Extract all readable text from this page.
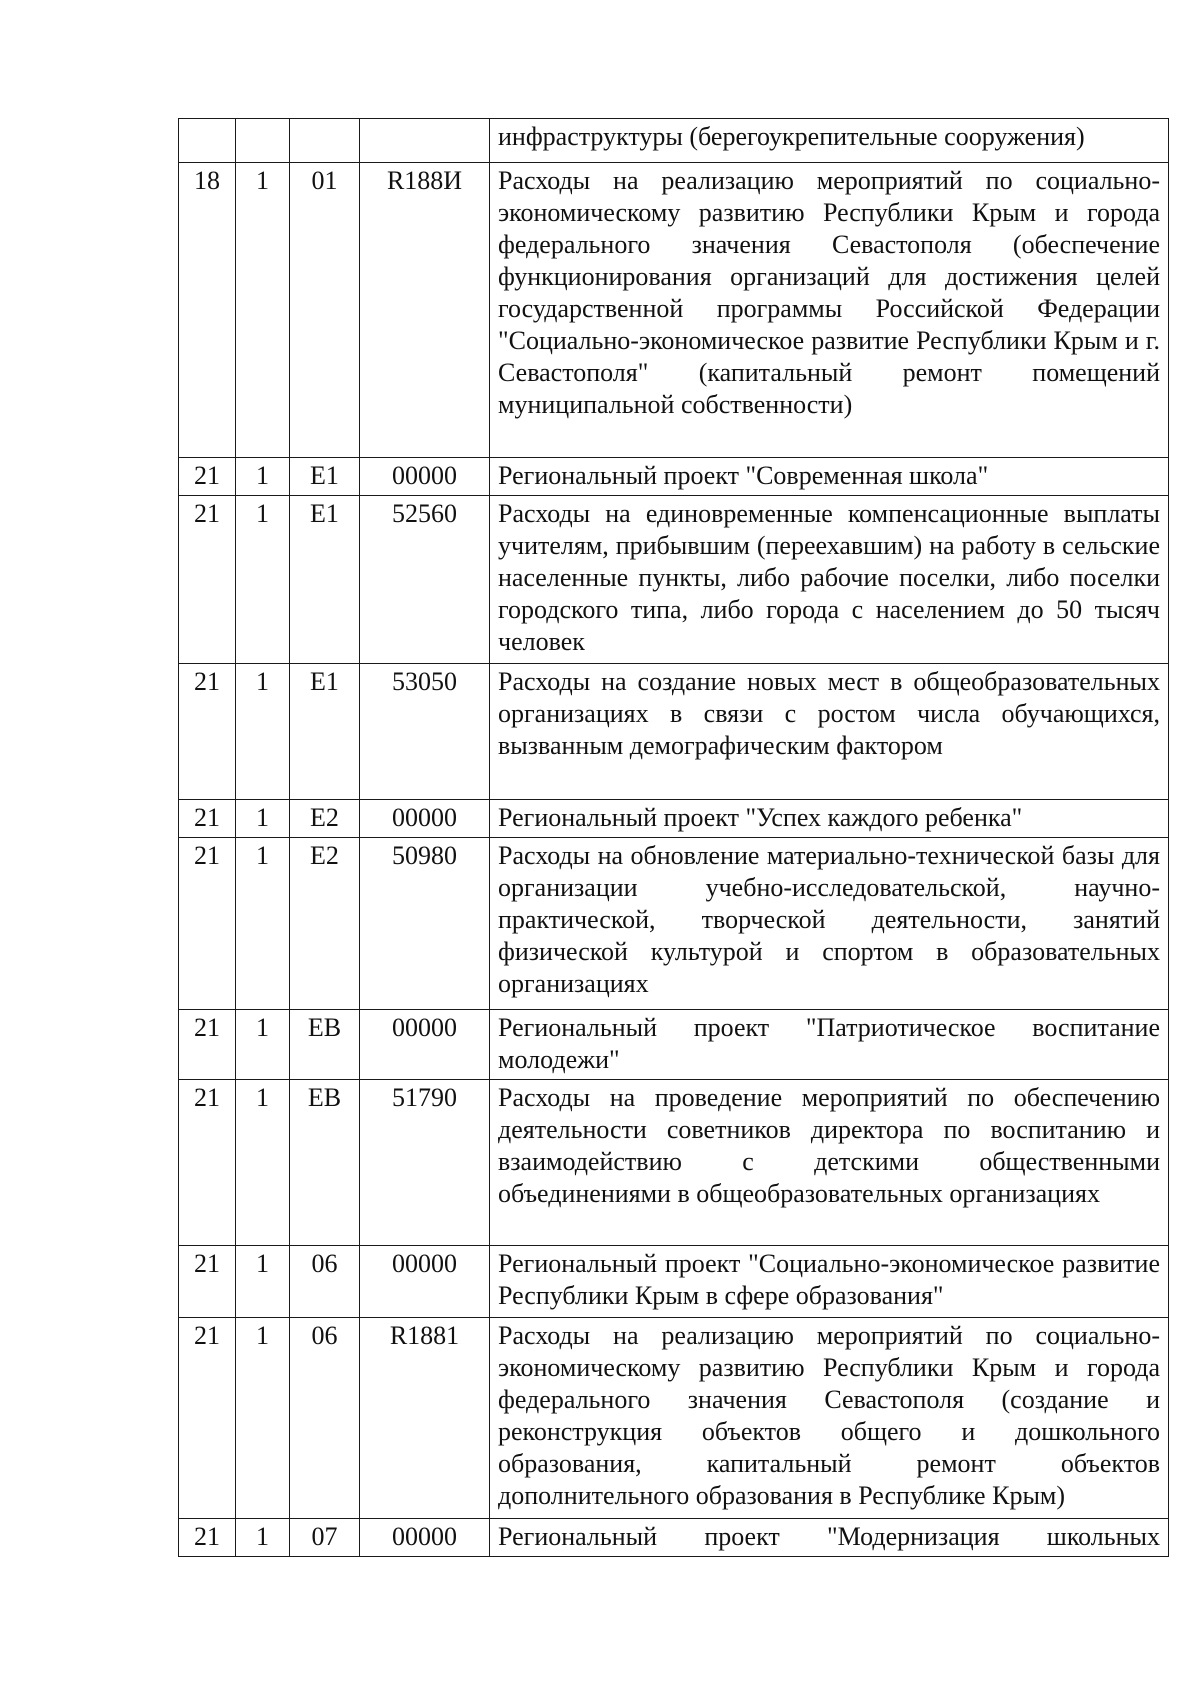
				инфраструктуры (берегоукрепительные сооружения)
18	1	01	R188И	Расходы на реализацию мероприятий по социально-экономическому развитию Республики Крым и города федерального значения Севастополя (обеспечение функционирования организаций для достижения целей государственной программы Российской Федерации "Социально-экономическое развитие Республики Крым и г. Севастополя" (капитальный ремонт помещений муниципальной собственности)
21	1	E1	00000	Региональный проект "Современная школа"
21	1	E1	52560	Расходы на единовременные компенсационные выплаты учителям, прибывшим (переехавшим) на работу в сельские населенные пункты, либо рабочие поселки, либо поселки городского типа, либо города с населением до 50 тысяч человек
21	1	E1	53050	Расходы на создание новых мест в общеобразовательных организациях в связи с ростом числа обучающихся, вызванным демографическим фактором
21	1	E2	00000	Региональный проект "Успех каждого ребенка"
21	1	E2	50980	Расходы на обновление материально-технической базы для организации учебно-исследовательской, научно-практической, творческой деятельности, занятий физической культурой и спортом в образовательных организациях
21	1	EB	00000	Региональный проект "Патриотическое воспитание молодежи"
21	1	EB	51790	Расходы на проведение мероприятий по обеспечению деятельности советников директора по воспитанию и взаимодействию с детскими общественными объединениями в общеобразовательных организациях
21	1	06	00000	Региональный проект "Социально-экономическое развитие Республики Крым в сфере образования"
21	1	06	R1881	Расходы на реализацию мероприятий по социально-экономическому развитию Республики Крым и города федерального значения Севастополя (создание и реконструкция объектов общего и дошкольного образования, капитальный ремонт объектов дополнительного образования в Республике Крым)
21	1	07	00000	Региональный проект "Модернизация школьных
